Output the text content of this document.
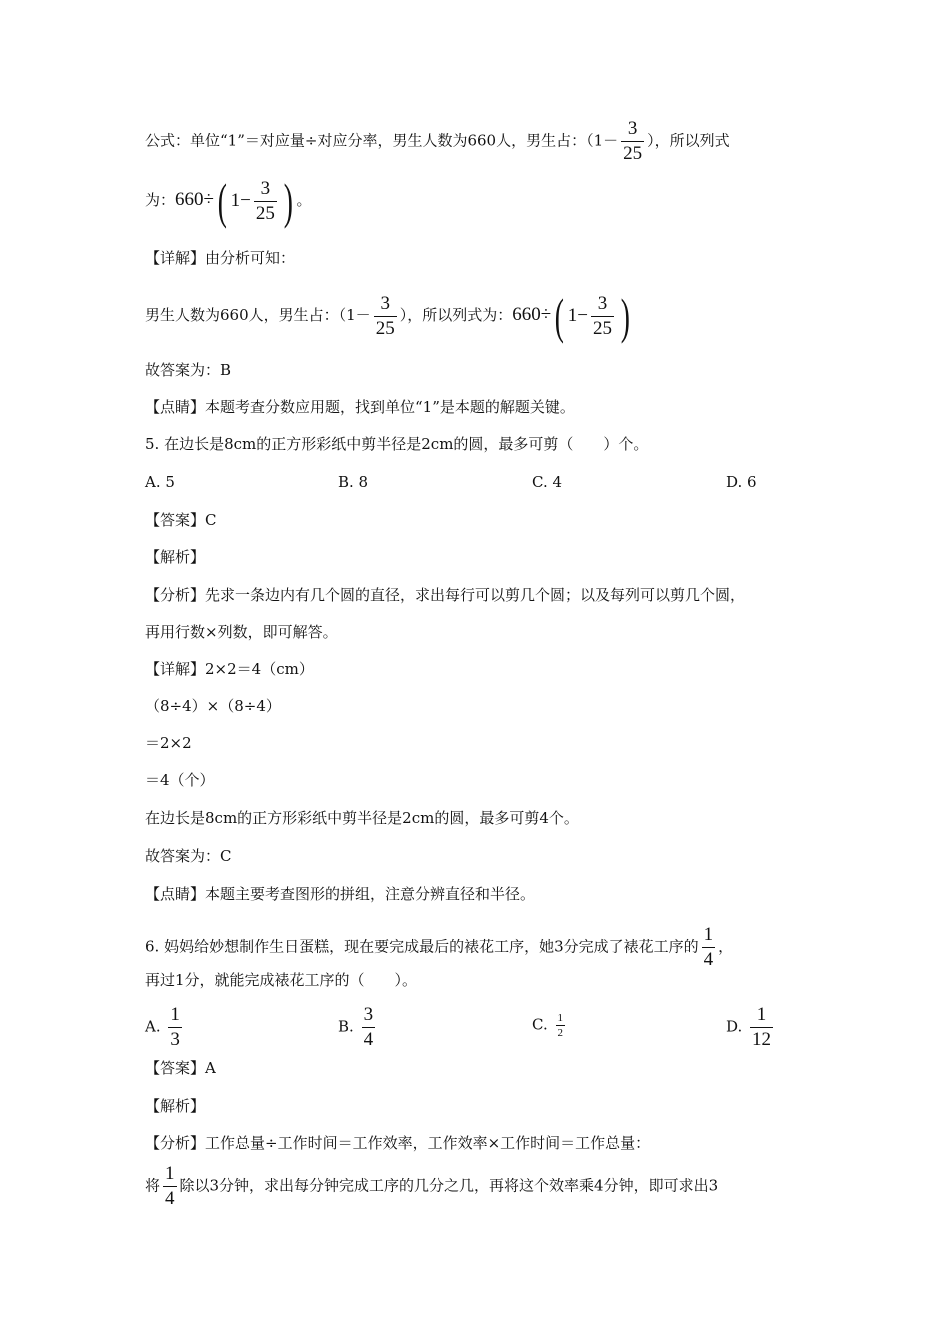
公式：单位“1”＝对应量÷对应分率，男生人数为660人，男生占：（$1- \frac{3}{25}$ ），所以列式
为：660÷ ( $1- \frac{3}{25}$ ) 。
【详解】由分析可知：
男生人数为660人，男生占：（$1- \frac{3}{25}$ ），所以列式为：660÷ ( $1- \frac{3}{25}$ )
故答案为：B
【点睛】本题考查分数应用题，找到单位“1”是本题的解题关键。
5. 在边长是8cm的正方形彩纸中剪半径是2cm的圆，最多可剪（　　）个。
A. 5	B. 8	C. 4	D. 6
【答案】C
【解析】
【分析】先求一条边内有几个圆的直径，求出每行可以剪几个圆；以及每列可以剪几个圆，
再用行数×列数，即可解答。
【详解】2×2＝4（cm）
（8÷4）×（8÷4）
＝2×2
＝4（个）
在边长是8cm的正方形彩纸中剪半径是2cm的圆，最多可剪4个。
故答案为：C
【点睛】本题主要考查图形的拼组，注意分辨直径和半径。
6. 妈妈给妙想制作生日蛋糕，现在要完成最后的裱花工序，她3分完成了裱花工序的 $\frac{1}{4}$ ，
再过1分，就能完成裱花工序的（　　）。
A. $\frac{1}{3}$	B. $\frac{3}{4}$	C. $\frac{1}{2}$	D. $\frac{1}{12}$
【答案】A
【解析】
【分析】工作总量÷工作时间＝工作效率，工作效率×工作时间＝工作总量：
将 $\frac{1}{4}$ 除以3分钟，求出每分钟完成工序的几分之几，再将这个效率乘4分钟，即可求出3
